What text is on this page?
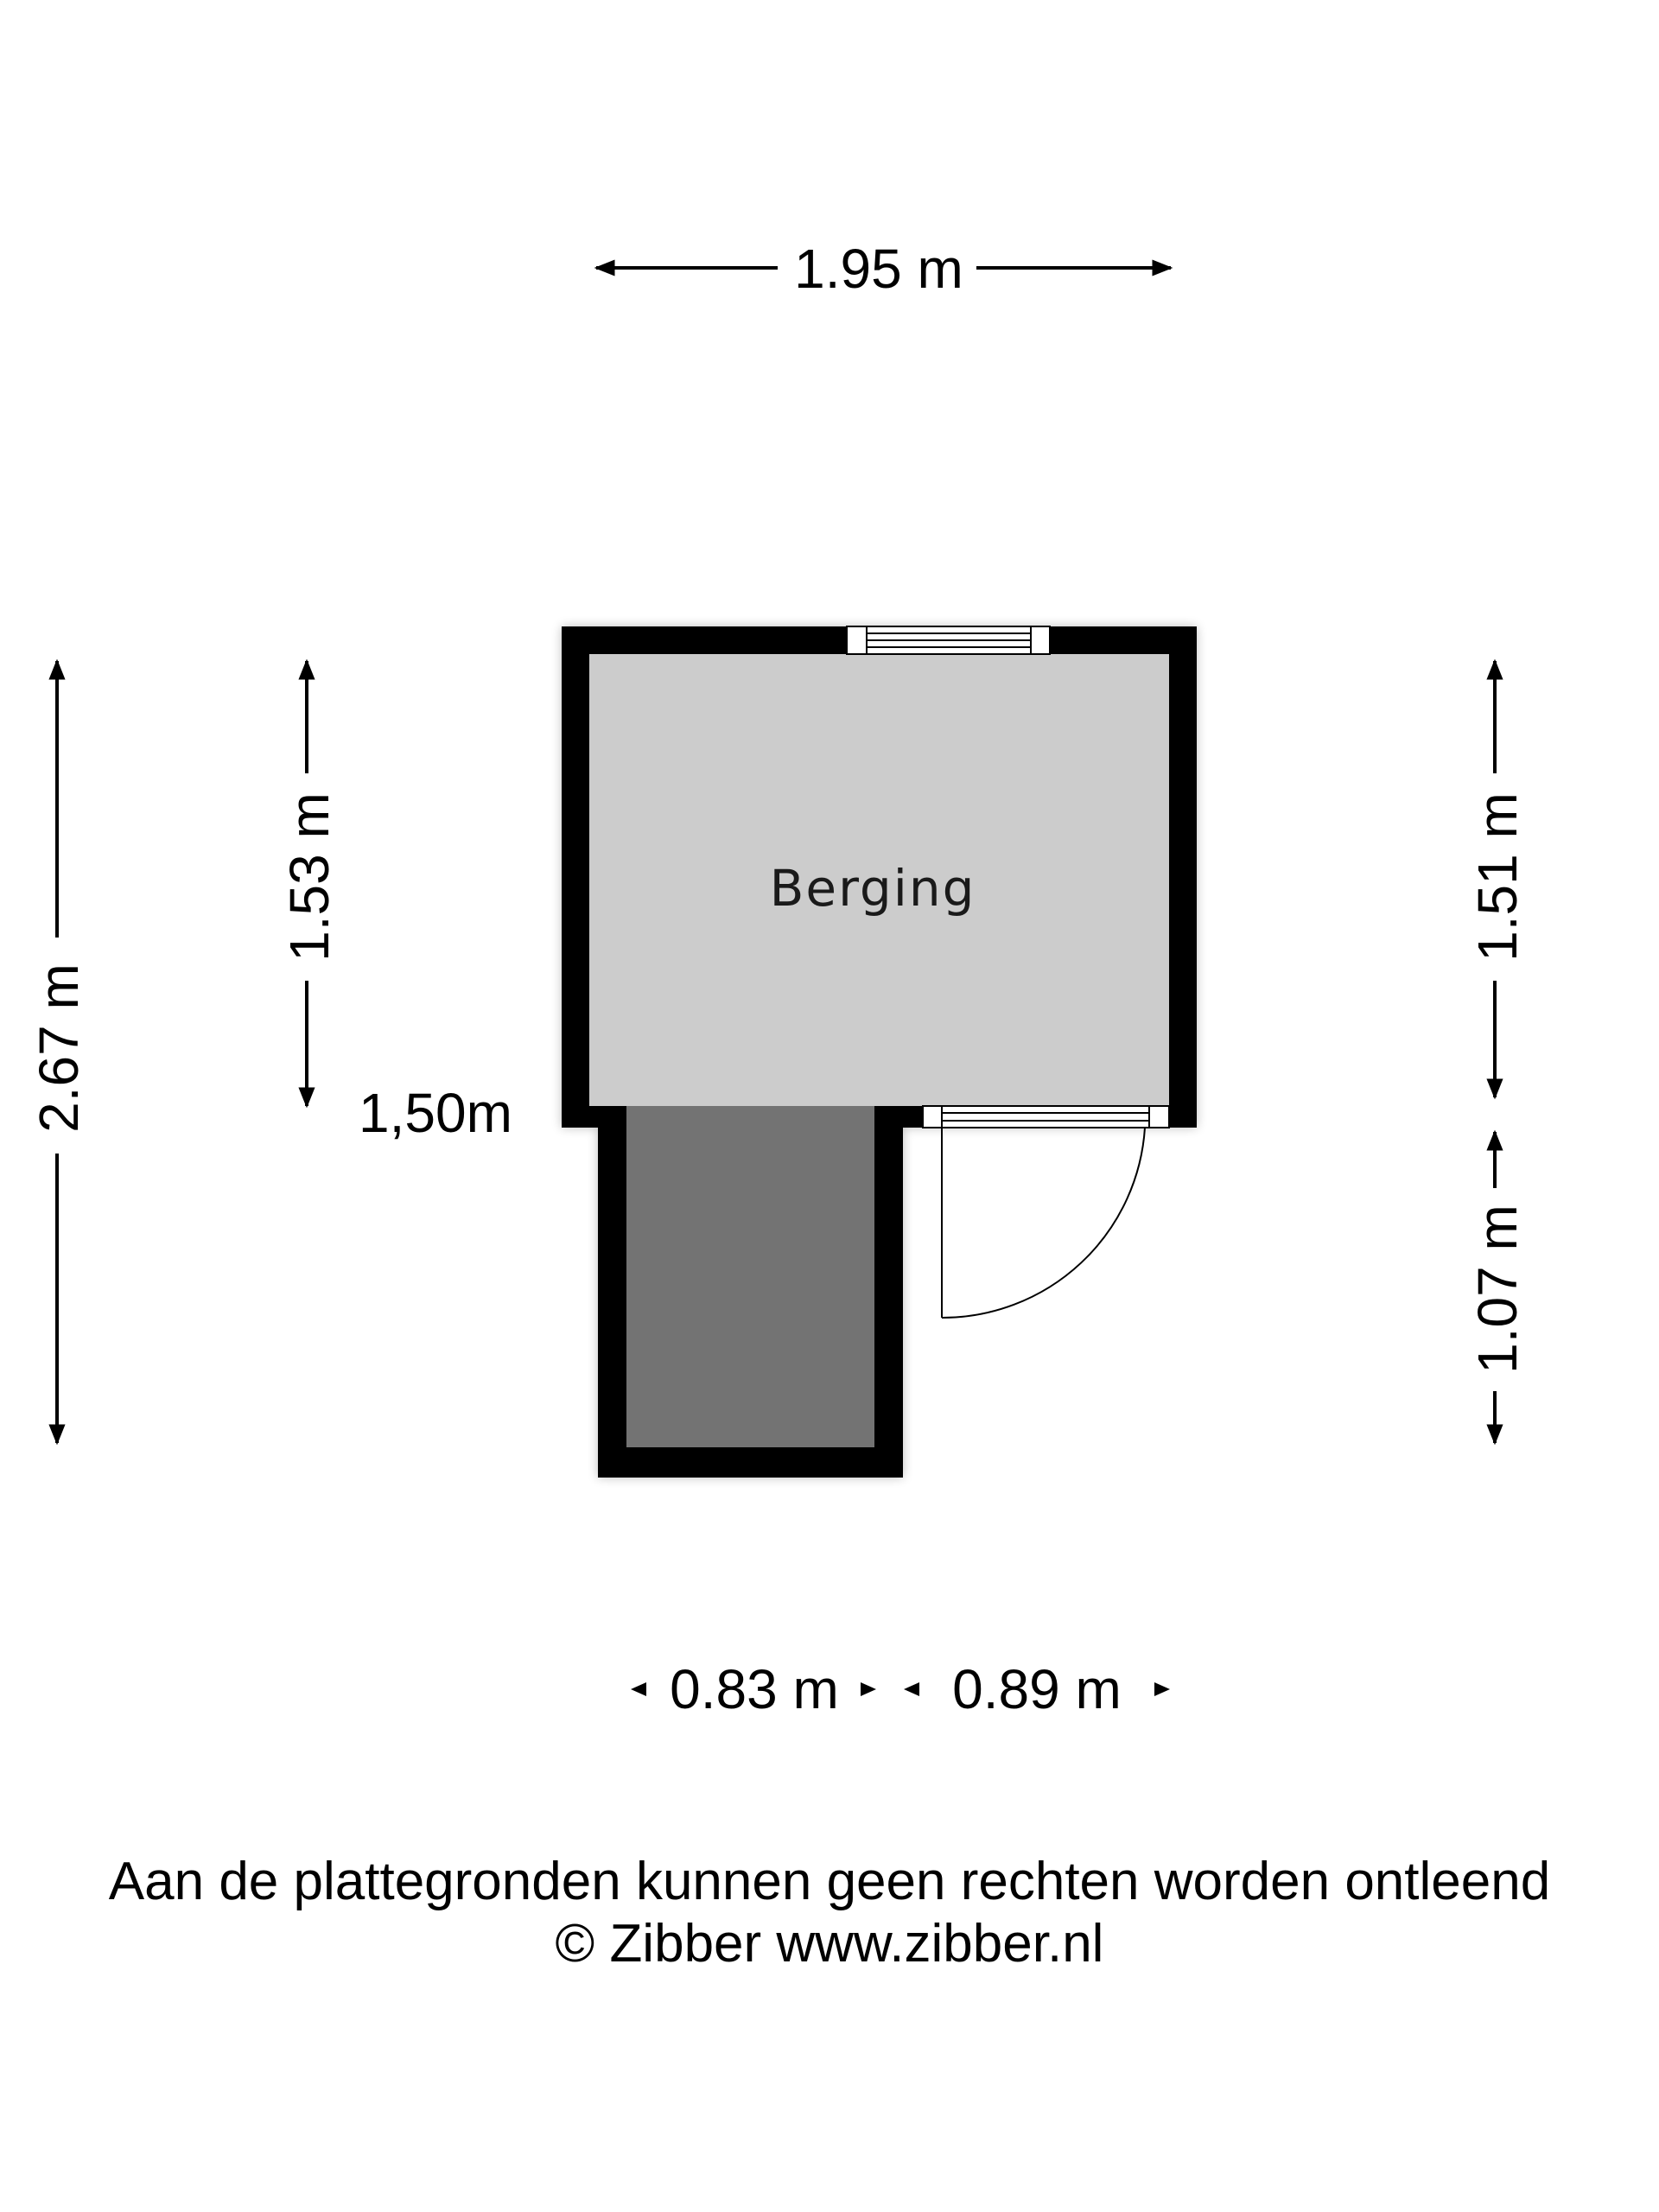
1.95 m
2.67 m
1.53 m	1.51 m
1.07 m
1,50m
0.83 m 0.89 m
Berging
Aan de plattegronden kunnen geen rechten worden ontleend
© Zibber www.zibber.nl
